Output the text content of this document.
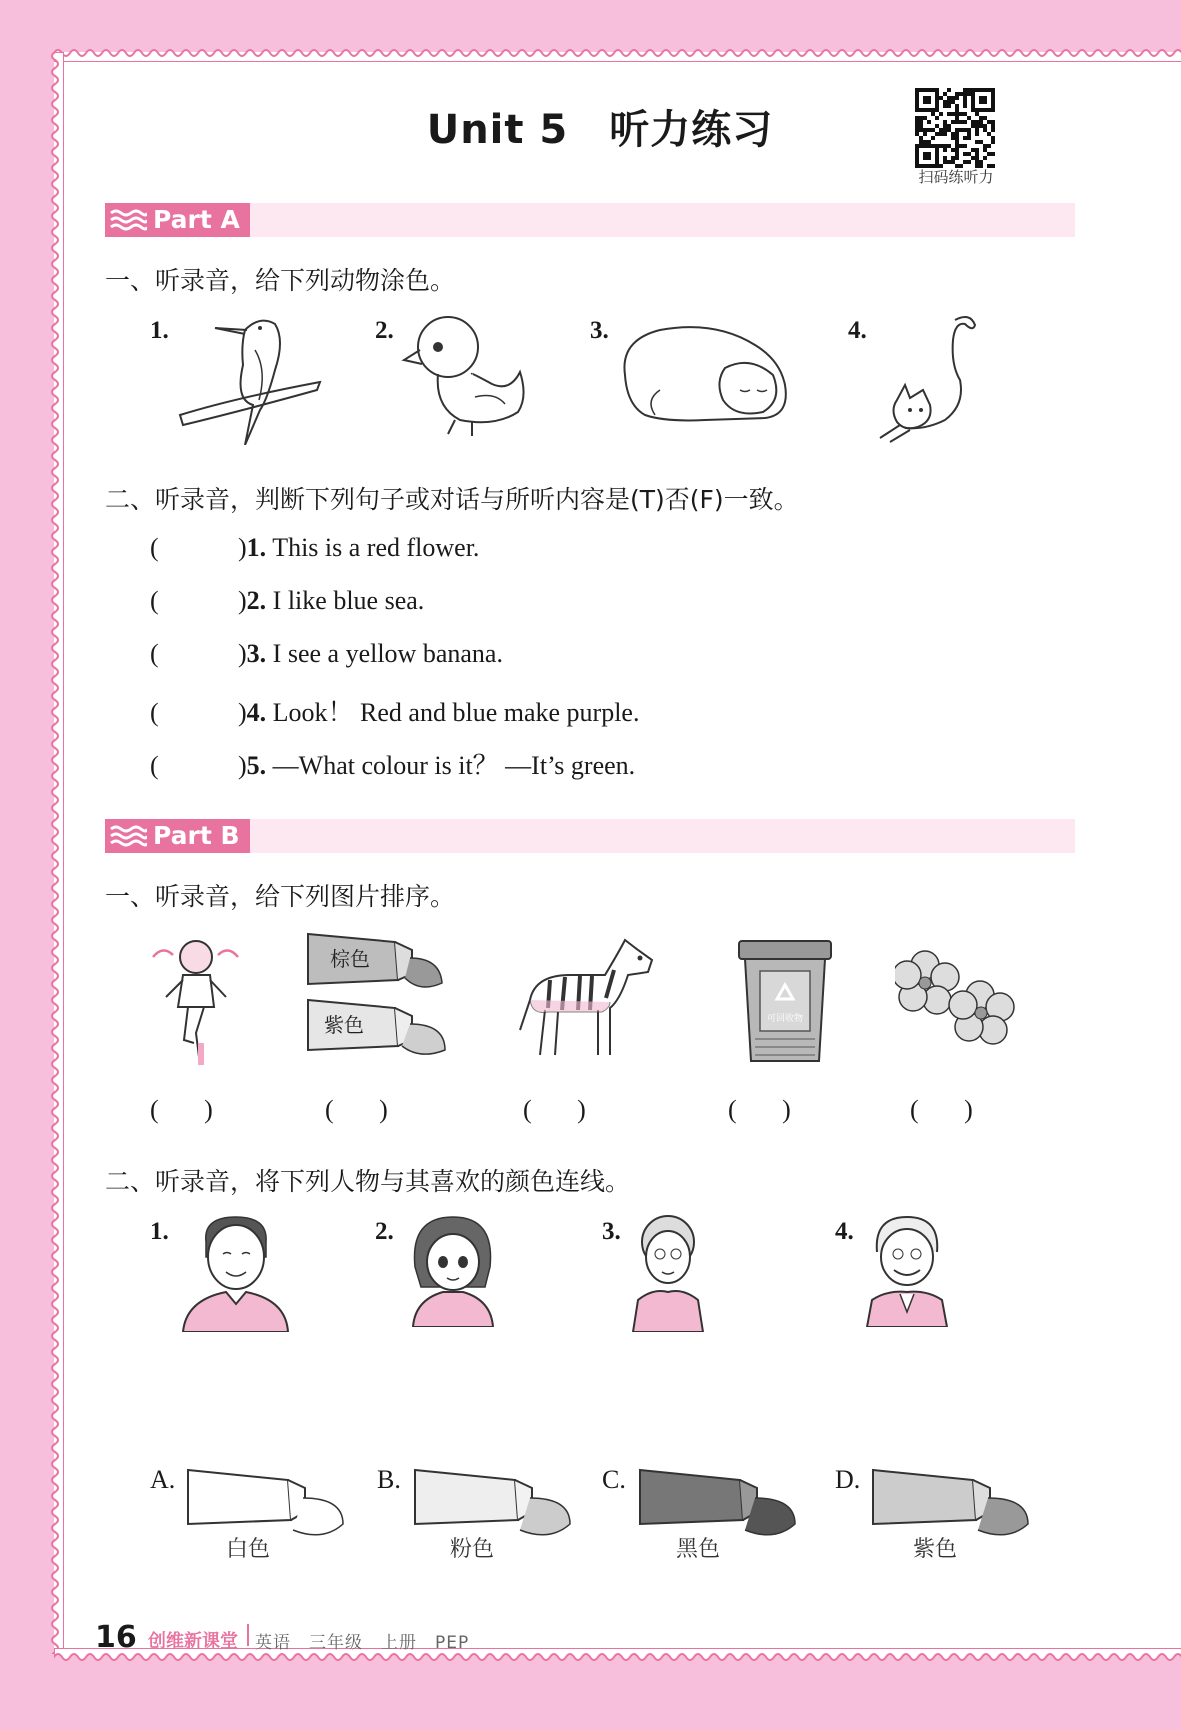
Unit 5　听力练习
扫码练听力
Part A
一、听录音，给下列动物涂色。
1.	2.	3.	4.
二、听录音，判断下列句子或对话与所听内容是(T)否(F)一致。
(	)1. This is a red flower.
(	)2. I like blue sea.
(	)3. I see a yellow banana.
(	)4. Look！ Red and blue make purple.
(	)5. —What colour is it？ —It’s green.
Part B
一、听录音，给下列图片排序。
棕色
紫色	可回收物
(       )	(       )	(       )	(       )	(       )
二、听录音，将下列人物与其喜欢的颜色连线。
1.	2.	3.	4.
A.
白色
B.
粉色
C.
黑色
D.
紫色
16 创维新课堂 英语　三年级　上册　PEP
